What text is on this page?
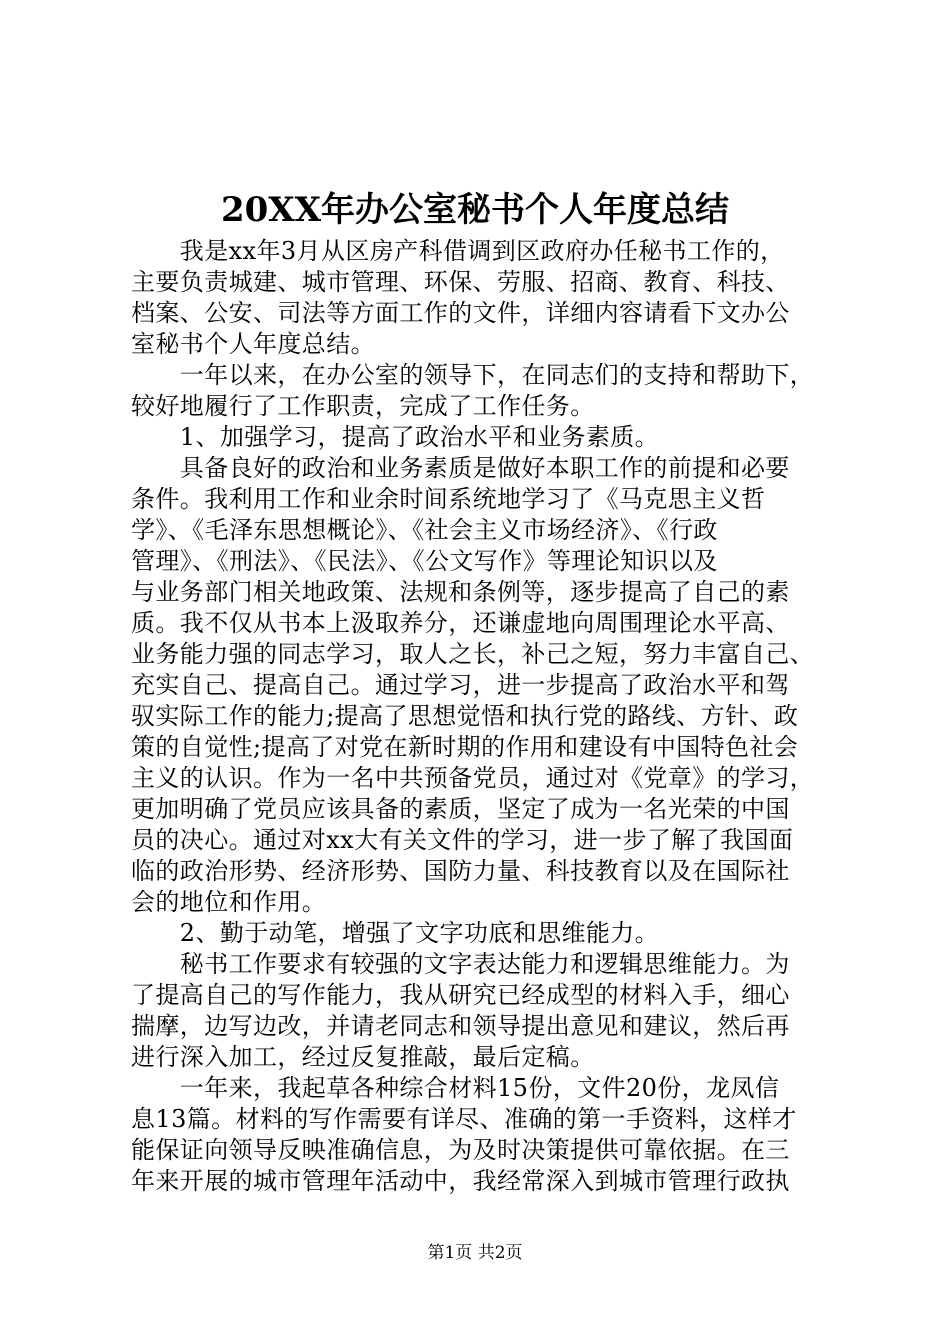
20XX年办公室秘书个人年度总结
　　我是xx年3月从区房产科借调到区政府办任秘书工作的，
主要负责城建、城市管理、环保、劳服、招商、教育、科技、
档案、公安、司法等方面工作的文件，详细内容请看下文办公
室秘书个人年度总结。
　　一年以来，在办公室的领导下，在同志们的支持和帮助下，
较好地履行了工作职责，完成了工作任务。
　　1、加强学习，提高了政治水平和业务素质。
　　具备良好的政治和业务素质是做好本职工作的前提和必要
条件。我利用工作和业余时间系统地学习了《马克思主义哲
学》、《毛泽东思想概论》、《社会主义市场经济》、《行政
管理》、《刑法》、《民法》、《公文写作》等理论知识以及
与业务部门相关地政策、法规和条例等，逐步提高了自己的素
质。我不仅从书本上汲取养分，还谦虚地向周围理论水平高、
业务能力强的同志学习，取人之长，补己之短，努力丰富自己、
充实自己、提高自己。通过学习，进一步提高了政治水平和驾
驭实际工作的能力;提高了思想觉悟和执行党的路线、方针、政
策的自觉性;提高了对党在新时期的作用和建设有中国特色社会
主义的认识。作为一名中共预备党员，通过对《党章》的学习，
更加明确了党员应该具备的素质，坚定了成为一名光荣的中国
员的决心。通过对xx大有关文件的学习，进一步了解了我国面
临的政治形势、经济形势、国防力量、科技教育以及在国际社
会的地位和作用。
　　2、勤于动笔，增强了文字功底和思维能力。
　　秘书工作要求有较强的文字表达能力和逻辑思维能力。为
了提高自己的写作能力，我从研究已经成型的材料入手，细心
揣摩，边写边改，并请老同志和领导提出意见和建议，然后再
进行深入加工，经过反复推敲，最后定稿。
　　一年来，我起草各种综合材料15份，文件20份，龙凤信
息13篇。材料的写作需要有详尽、准确的第一手资料，这样才
能保证向领导反映准确信息，为及时决策提供可靠依据。在三
年来开展的城市管理年活动中，我经常深入到城市管理行政执
第1页 共2页
